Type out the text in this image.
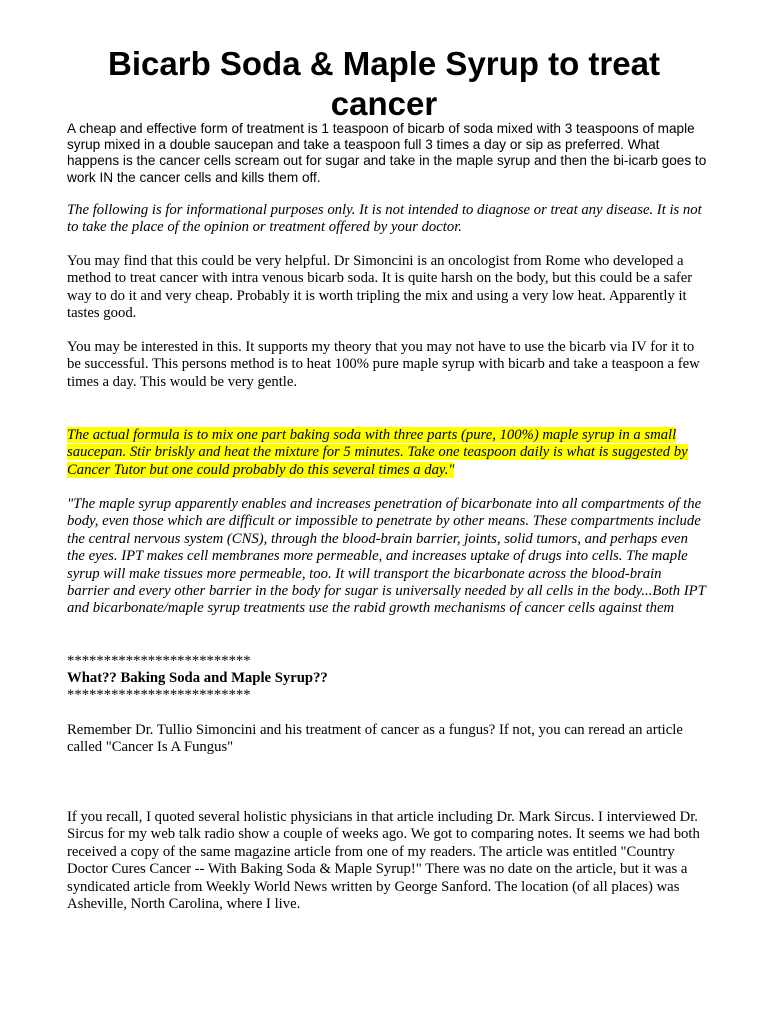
Bicarb Soda & Maple Syrup to treat cancer

A cheap and effective form of treatment is 1 teaspoon of bicarb of soda mixed with 3 teaspoons of maple syrup mixed in a double saucepan and take a teaspoon full 3 times a day or sip as preferred. What happens is the cancer cells scream out for sugar and take in the maple syrup and then the bi-icarb goes to work IN the cancer cells and kills them off.

The following is for informational purposes only. It is not intended to diagnose or treat any disease. It is not to take the place of the opinion or treatment offered by your doctor.

You may find that this could be very helpful. Dr Simoncini is an oncologist from Rome who developed a method to treat cancer with intra venous bicarb soda. It is quite harsh on the body, but this could be a safer way to do it and very cheap. Probably it is worth tripling the mix and using a very low heat. Apparently it tastes good.

You may be interested in this. It supports my theory that you may not have to use the bicarb via IV for it to be successful. This persons method is to heat 100% pure maple syrup with bicarb and take a teaspoon a few times a day. This would be very gentle.

The actual formula is to mix one part baking soda with three parts (pure, 100%) maple syrup in a small saucepan. Stir briskly and heat the mixture for 5 minutes. Take one teaspoon daily is what is suggested by Cancer Tutor but one could probably do this several times a day."

"The maple syrup apparently enables and increases penetration of bicarbonate into all compartments of the body, even those which are difficult or impossible to penetrate by other means. These compartments include the central nervous system (CNS), through the blood-brain barrier, joints, solid tumors, and perhaps even the eyes. IPT makes cell membranes more permeable, and increases uptake of drugs into cells. The maple syrup will make tissues more permeable, too. It will transport the bicarbonate across the blood-brain barrier and every other barrier in the body for sugar is universally needed by all cells in the body...Both IPT and bicarbonate/maple syrup treatments use the rabid growth mechanisms of cancer cells against them

*************************
What?? Baking Soda and Maple Syrup??
*************************

Remember Dr. Tullio Simoncini and his treatment of cancer as a fungus? If not, you can reread an article called "Cancer Is A Fungus"

If you recall, I quoted several holistic physicians in that article including Dr. Mark Sircus. I interviewed Dr. Sircus for my web talk radio show a couple of weeks ago. We got to comparing notes. It seems we had both received a copy of the same magazine article from one of my readers. The article was entitled "Country Doctor Cures Cancer -- With Baking Soda & Maple Syrup!" There was no date on the article, but it was a syndicated article from Weekly World News written by George Sanford. The location (of all places) was Asheville, North Carolina, where I live.
